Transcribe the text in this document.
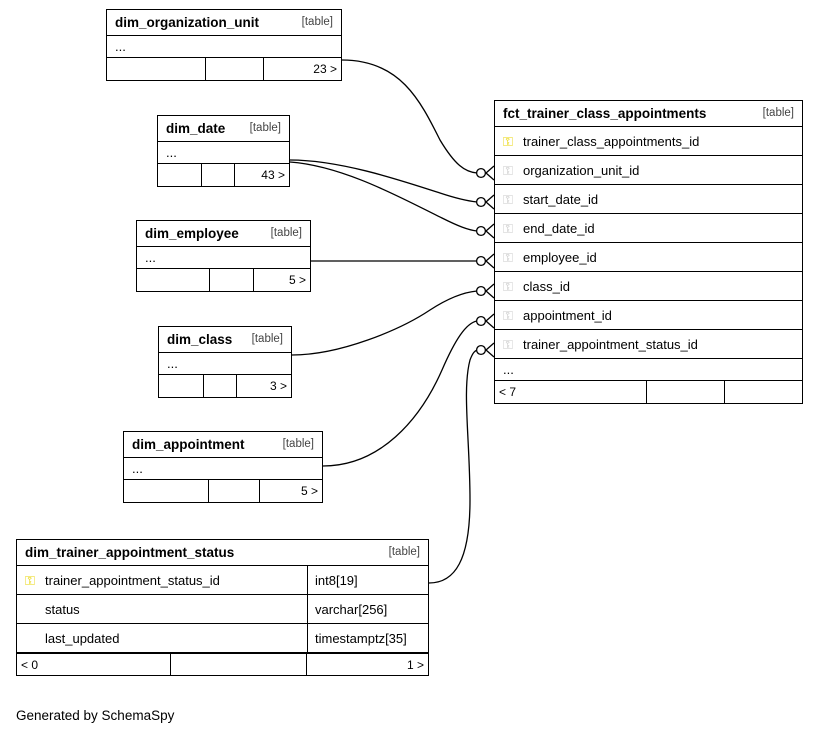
dim_organization_unit	[table]
...
23 >
dim_date [table]
...
43 >
dim_employee	[table]
...
5 >
dim_class [table]
...
3 >
dim_appointment	[table]
...
5 >
fct_trainer_class_appointments	[table]
⚿ trainer_class_appointments_id
⚿ organization_unit_id
⚿ start_date_id
⚿ end_date_id
⚿ employee_id
⚿ class_id
⚿ appointment_id
⚿ trainer_appointment_status_id
...
< 7
dim_trainer_appointment_status	[table]
⚿ trainer_appointment_status_id	int8[19]
status	varchar[256]
last_updated	timestamptz[35]
< 0	1 >
Generated by SchemaSpy
